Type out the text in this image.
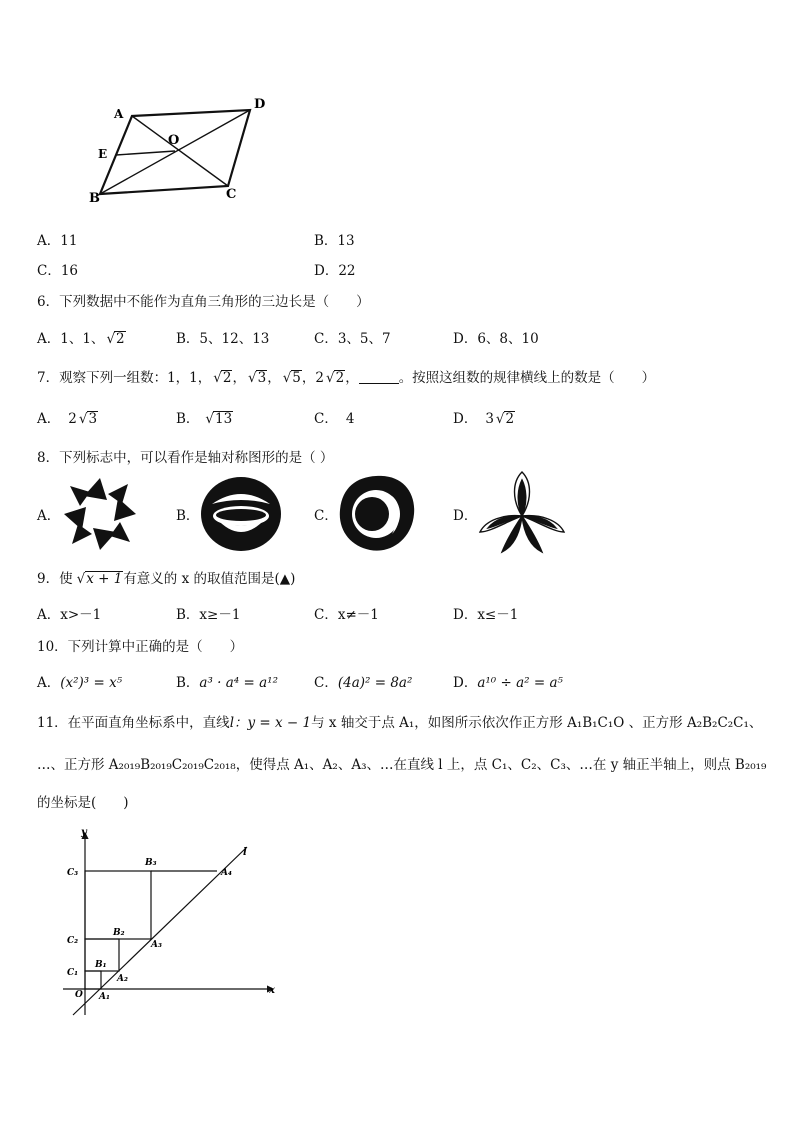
A
D
E
O
B	C
A．11	B．13
C．16	D．22
6．下列数据中不能作为直角三角形的三边长是（　　）
A．1、1、 √ 2	B．5、12、13	C．3、5、7	D．6、8、10
7．观察下列一组数：1，1， √ 2， √ 3， √ 5，2 √ 2，	。按照这组数的规律横线上的数是（　　）
A． 2 √ 3	B． √ 13	C． 4	D． 3 √ 2
8．下列标志中，可以看作是轴对称图形的是（ ）
A．	B．	C．	D．
9．使 √ x + 1有意义的 x 的取值范围是(▲)
A．x>－1	B．x≥－1	C．x≠－1	D．x≤－1
10．下列计算中正确的是（　　）
A．(x²)³ = x⁵	B．a³ · a⁴ = a¹²	C．(4a)² = 8a²	D．a¹⁰ ÷ a² = a⁵
11．在平面直角坐标系中，直线l：y = x − 1与 x 轴交于点 A₁，如图所示依次作正方形 A₁B₁C₁O 、正方形 A₂B₂C₂C₁、
…、正方形 A₂₀₁₉B₂₀₁₉C₂₀₁₉C₂₀₁₈，使得点 A₁、A₂、A₃、…在直线 l 上，点 C₁、C₂、C₃、…在 y 轴正半轴上，则点 B₂₀₁₉
的坐标是(　　)
y
x
l
O
C₁
C₂
C₃
B₁
B₂
B₃
A₁
A₂
A₃
A₄
